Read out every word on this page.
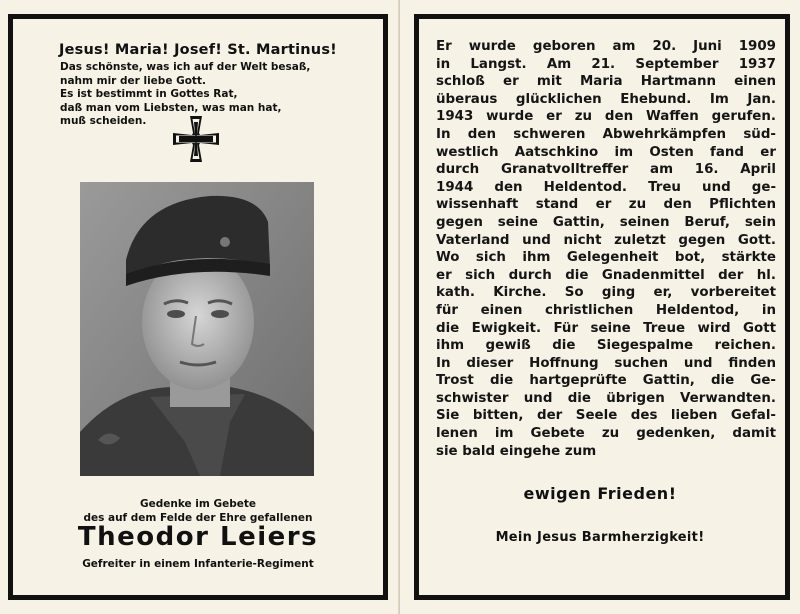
Jesus! Maria! Josef! St. Martinus!
Das schönste, was ich auf der Welt besaß,
nahm mir der liebe Gott.
Es ist bestimmt in Gottes Rat,
daß man vom Liebsten, was man hat,
muß scheiden.
Gedenke im Gebete
des auf dem Felde der Ehre gefallenen
Theodor Leiers
Gefreiter in einem Infanterie-Regiment
Er wurde geboren am 20. Juni 1909
in Langst. Am 21. September 1937
schloß er mit Maria Hartmann einen
überaus glücklichen Ehebund. Im Jan.
1943 wurde er zu den Waffen gerufen.
In den schweren Abwehrkämpfen süd-
westlich Aatschkino im Osten fand er
durch Granatvolltreffer am 16. April
1944 den Heldentod. Treu und ge-
wissenhaft stand er zu den Pflichten
gegen seine Gattin, seinen Beruf, sein
Vaterland und nicht zuletzt gegen Gott.
Wo sich ihm Gelegenheit bot, stärkte
er sich durch die Gnadenmittel der hl.
kath. Kirche. So ging er, vorbereitet
für einen christlichen Heldentod, in
die Ewigkeit. Für seine Treue wird Gott
ihm gewiß die Siegespalme reichen.
In dieser Hoffnung suchen und finden
Trost die hartgeprüfte Gattin, die Ge-
schwister und die übrigen Verwandten.
Sie bitten, der Seele des lieben Gefal-
lenen im Gebete zu gedenken, damit
sie bald eingehe zum
ewigen Frieden!
Mein Jesus Barmherzigkeit!
